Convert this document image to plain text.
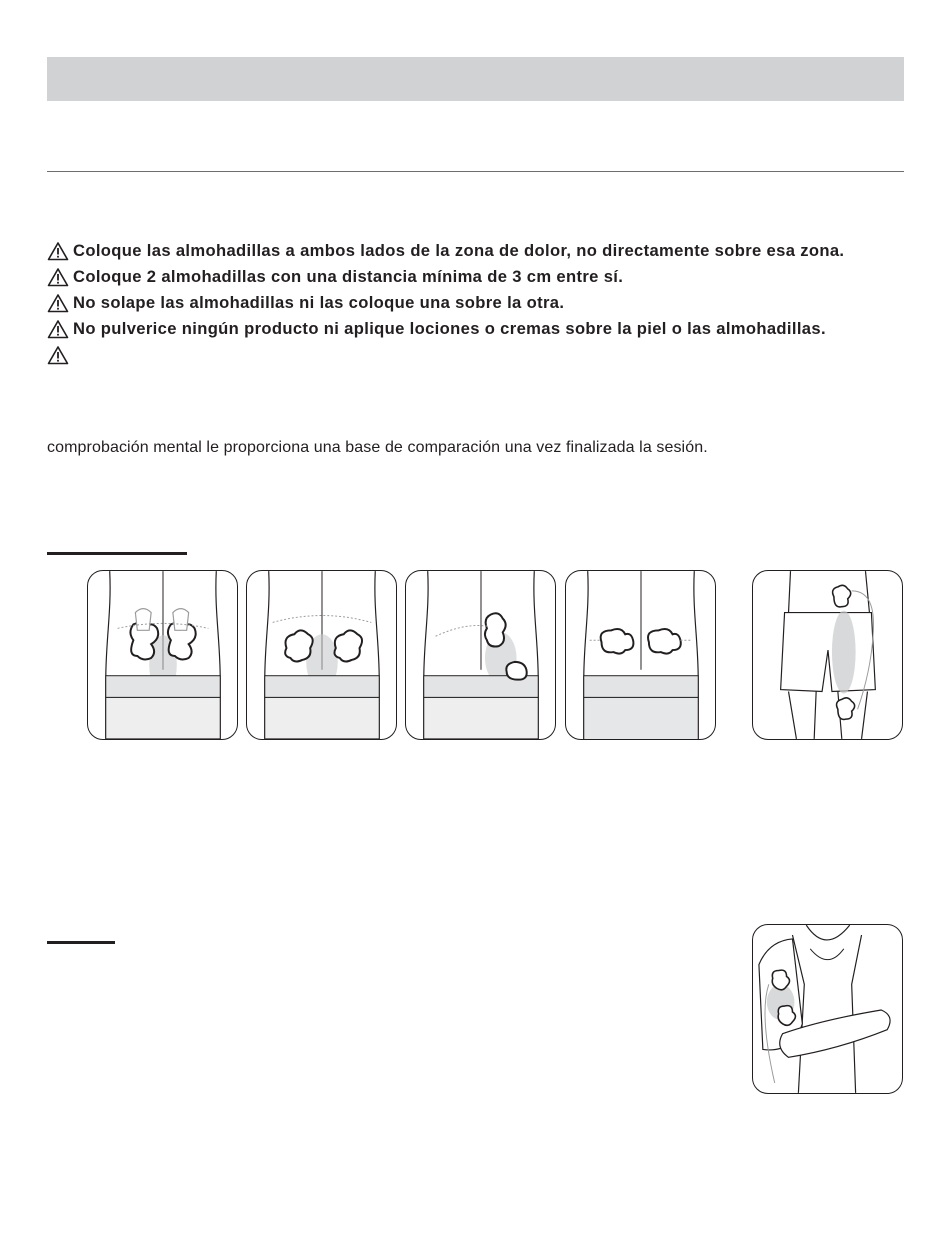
Coloque las almohadillas a ambos lados de la zona de dolor, no directamente sobre esa zona.
Coloque 2 almohadillas con una distancia mínima de 3 cm entre sí.
No solape las almohadillas ni las coloque una sobre la otra.
No pulverice ningún producto ni aplique lociones o cremas sobre la piel o las almohadillas.
comprobación mental le proporciona una base de comparación una vez finalizada la sesión.
